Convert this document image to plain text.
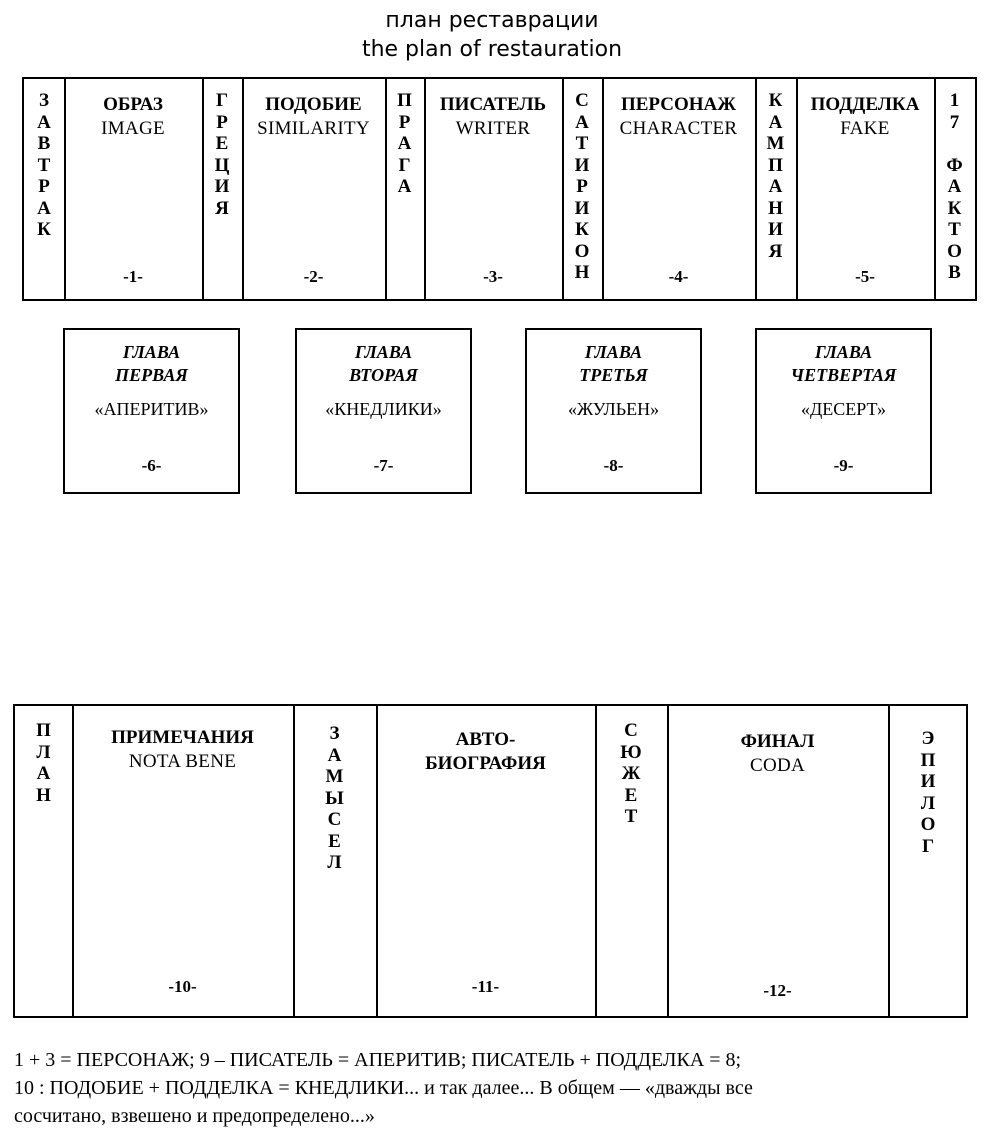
план реставрации
the plan of restauration
З
А
В
Т
Р
А
К
ОБРАЗ
IMAGE
-1-
Г
Р
Е
Ц
И
Я
ПОДОБИЕ
SIMILARITY
-2-
П
Р
А
Г
А
ПИСАТЕЛЬ
WRITER
-3-
С
А
Т
И
Р
И
К
О
Н
ПЕРСОНАЖ
CHARACTER
-4-
К
А
М
П
А
Н
И
Я
ПОДДЕЛКА
FAKE
-5-
1
7

Ф
А
К
Т
О
В
ГЛАВА
ПЕРВАЯ
«АПЕРИТИВ»
-6-
ГЛАВА
ВТОРАЯ
«КНЕДЛИКИ»
-7-
ГЛАВА
ТРЕТЬЯ
«ЖУЛЬЕН»
-8-
ГЛАВА
ЧЕТВЕРТАЯ
«ДЕСЕРТ»
-9-
П
Л
А
Н
ПРИМЕЧАНИЯ
NOTA BENE
-10-
З
А
М
Ы
С
Е
Л
АВТО-
БИОГРАФИЯ
-11-
С
Ю
Ж
Е
Т
ФИНАЛ
CODA
-12-
Э
П
И
Л
О
Г
1 + 3 = ПЕРСОНАЖ; 9 – ПИСАТЕЛЬ = АПЕРИТИВ; ПИСАТЕЛЬ + ПОДДЕЛКА = 8;
10 : ПОДОБИЕ + ПОДДЕЛКА = КНЕДЛИКИ... и так далее... В общем — «дважды все
сосчитано, взвешено и предопределено...»
